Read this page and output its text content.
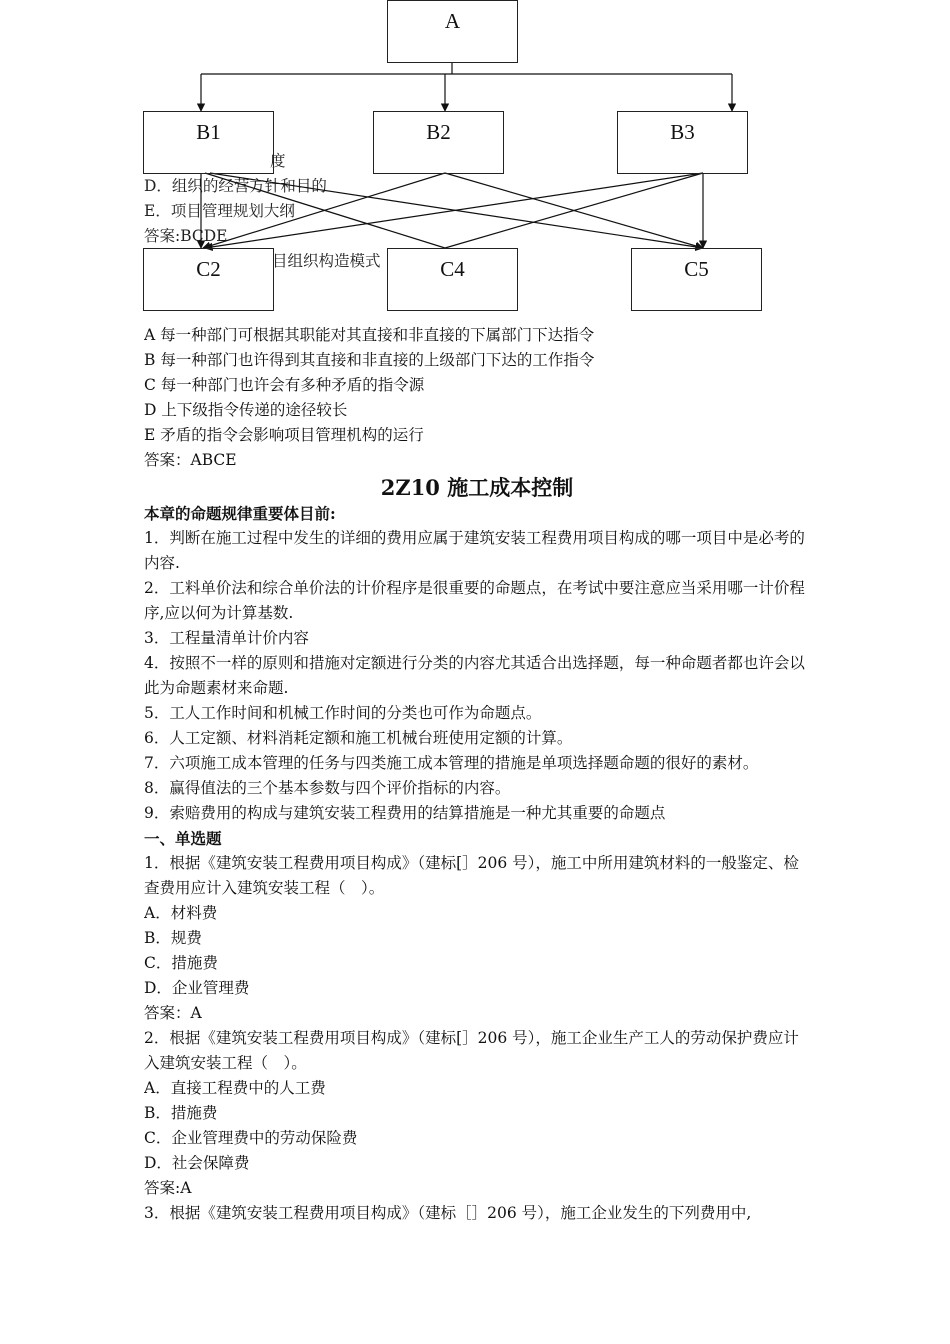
度
D．组织的经营方针和目的
E．项目管理规划大纲
答案:BCDE
目组织构造模式
A
B1	B2	B3
C2	C4	C5
A 每一种部门可根据其职能对其直接和非直接的下属部门下达指令
B 每一种部门也许得到其直接和非直接的上级部门下达的工作指令
C 每一种部门也许会有多种矛盾的指令源
D 上下级指令传递的途径较长
E 矛盾的指令会影响项目管理机构的运行
答案：ABCE
2Z10 施工成本控制
本章的命题规律重要体目前:
1．判断在施工过程中发生的详细的费用应属于建筑安装工程费用项目构成的哪一项目中是必考的内容.
2．工料单价法和综合单价法的计价程序是很重要的命题点，在考试中要注意应当采用哪一计价程序,应以何为计算基数.
3．工程量清单计价内容
4．按照不一样的原则和措施对定额进行分类的内容尤其适合出选择题，每一种命题者都也许会以此为命题素材来命题.
5．工人工作时间和机械工作时间的分类也可作为命题点。
6．人工定额、材料消耗定额和施工机械台班使用定额的计算。
7．六项施工成本管理的任务与四类施工成本管理的措施是单项选择题命题的很好的素材。
8．赢得值法的三个基本参数与四个评价指标的内容。
9．索赔费用的构成与建筑安装工程费用的结算措施是一种尤其重要的命题点
一、单选题
1．根据《建筑安装工程费用项目构成》（建标[］206 号），施工中所用建筑材料的一般鉴定、检查费用应计入建筑安装工程（　）。
A．材料费
B．规费
C．措施费
D．企业管理费
答案：A
2．根据《建筑安装工程费用项目构成》（建标[］206 号），施工企业生产工人的劳动保护费应计入建筑安装工程（　）。
A．直接工程费中的人工费
B．措施费
C．企业管理费中的劳动保险费
D．社会保障费
答案:A
3．根据《建筑安装工程费用项目构成》（建标［］206 号），施工企业发生的下列费用中,
